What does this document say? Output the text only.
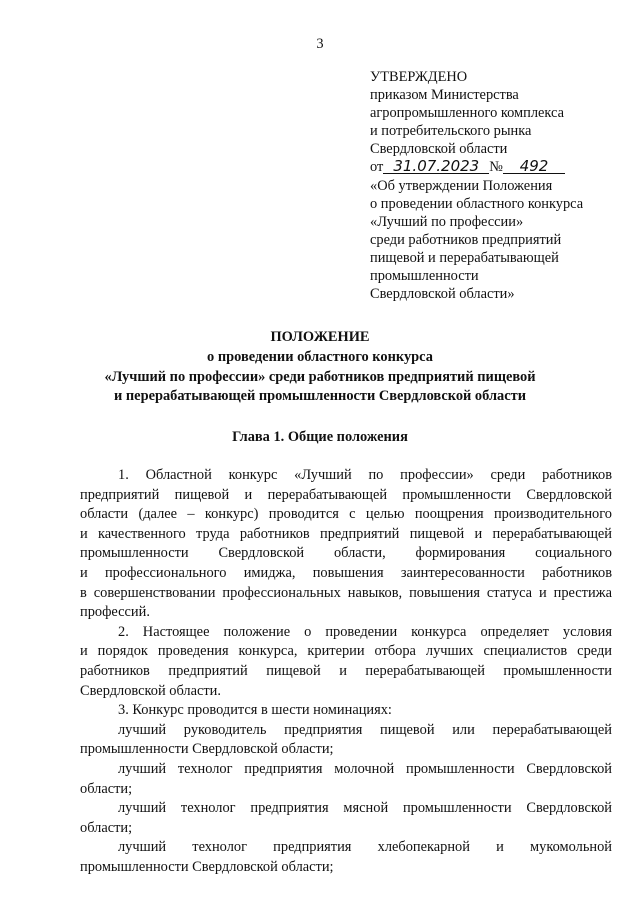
3
УТВЕРЖДЕНО
приказом Министерства
агропромышленного комплекса
и потребительского рынка
Свердловской области
от 31.07.2023 № 492
«Об утверждении Положения
о проведении областного конкурса
«Лучший по профессии»
среди работников предприятий
пищевой и перерабатывающей
промышленности
Свердловской области»
ПОЛОЖЕНИЕ
о проведении областного конкурса
«Лучший по профессии» среди работников предприятий пищевой
и перерабатывающей промышленности Свердловской области
Глава 1. Общие положения
1. Областной конкурс «Лучший по профессии» среди работников
предприятий пищевой и перерабатывающей промышленности Свердловской
области (далее – конкурс) проводится с целью поощрения производительного
и качественного труда работников предприятий пищевой и перерабатывающей
промышленности Свердловской области, формирования социального
и профессионального имиджа, повышения заинтересованности работников
в совершенствовании профессиональных навыков, повышения статуса и престижа
профессий.
2. Настоящее положение о проведении конкурса определяет условия
и порядок проведения конкурса, критерии отбора лучших специалистов среди
работников предприятий пищевой и перерабатывающей промышленности
Свердловской области.
3. Конкурс проводится в шести номинациях:
лучший руководитель предприятия пищевой или перерабатывающей
промышленности Свердловской области;
лучший технолог предприятия молочной промышленности Свердловской
области;
лучший технолог предприятия мясной промышленности Свердловской
области;
лучший технолог предприятия хлебопекарной и мукомольной
промышленности Свердловской области;
